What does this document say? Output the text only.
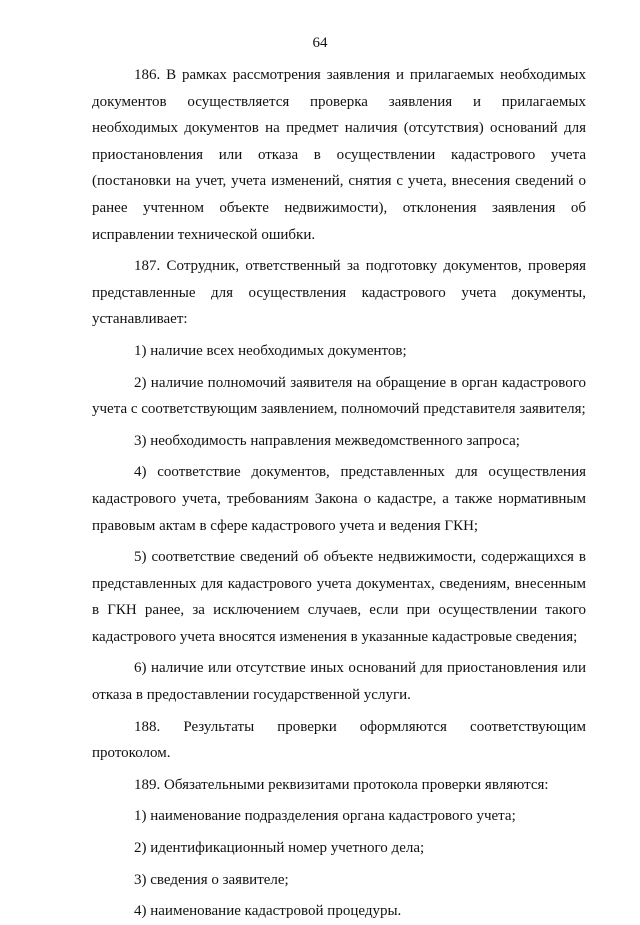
64

186. В рамках рассмотрения заявления и прилагаемых необходимых документов осуществляется проверка заявления и прилагаемых необходимых документов на предмет наличия (отсутствия) оснований для приостановления или отказа в осуществлении кадастрового учета (постановки на учет, учета изменений, снятия с учета, внесения сведений о ранее учтенном объекте недвижимости), отклонения заявления об исправлении технической ошибки.

187. Сотрудник, ответственный за подготовку документов, проверяя представленные для осуществления кадастрового учета документы, устанавливает:

1) наличие всех необходимых документов;

2) наличие полномочий заявителя на обращение в орган кадастрового учета с соответствующим заявлением, полномочий представителя заявителя;

3) необходимость направления межведомственного запроса;

4) соответствие документов, представленных для осуществления кадастрового учета, требованиям Закона о кадастре, а также нормативным правовым актам в сфере кадастрового учета и ведения ГКН;

5) соответствие сведений об объекте недвижимости, содержащихся в представленных для кадастрового учета документах, сведениям, внесенным в ГКН ранее, за исключением случаев, если при осуществлении такого кадастрового учета вносятся изменения в указанные кадастровые сведения;

6) наличие или отсутствие иных оснований для приостановления или отказа в предоставлении государственной услуги.

188. Результаты проверки оформляются соответствующим протоколом.

189. Обязательными реквизитами протокола проверки являются:

1) наименование подразделения органа кадастрового учета;

2) идентификационный номер учетного дела;

3) сведения о заявителе;

4) наименование кадастровой процедуры.
